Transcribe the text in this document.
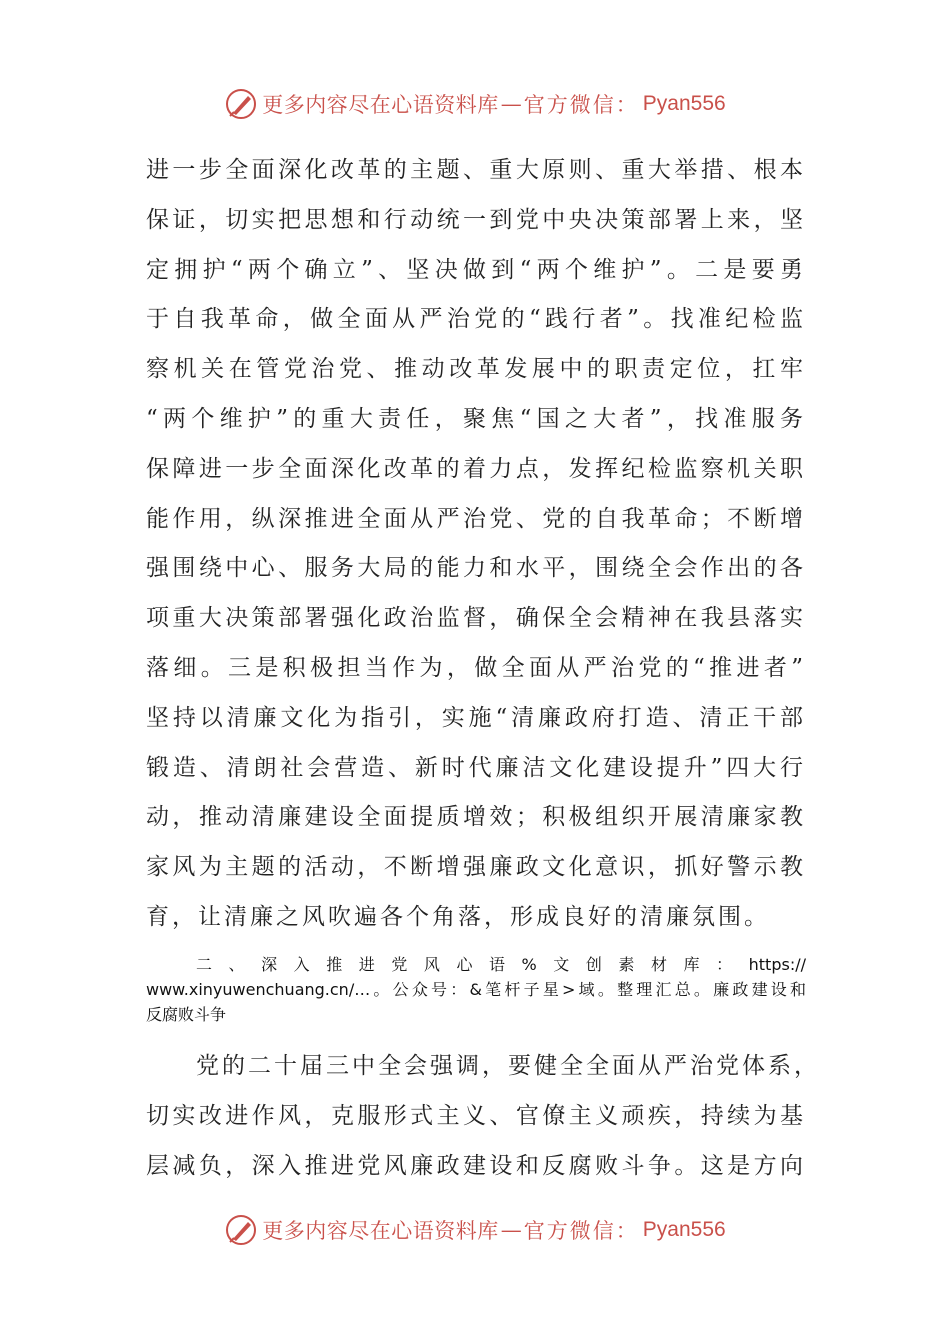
更多内容尽在心语资料库 — 官方微信： Pyan556
进一步全面深化改革的主题、重大原则、重大举措、根本
保证，切实把思想和行动统一到党中央决策部署上来，坚
定拥护“两个确立”、坚决做到“两个维护”。二是要勇
于自我革命，做全面从严治党的“践行者”。找准纪检监
察机关在管党治党、推动改革发展中的职责定位，扛牢
“两个维护”的重大责任，聚焦“国之大者”，找准服务
保障进一步全面深化改革的着力点，发挥纪检监察机关职
能作用，纵深推进全面从严治党、党的自我革命；不断增
强围绕中心、服务大局的能力和水平，围绕全会作出的各
项重大决策部署强化政治监督，确保全会精神在我县落实
落细。三是积极担当作为，做全面从严治党的“推进者”
坚持以清廉文化为指引，实施“清廉政府打造、清正干部
锻造、清朗社会营造、新时代廉洁文化建设提升”四大行
动，推动清廉建设全面提质增效；积极组织开展清廉家教
家风为主题的活动，不断增强廉政文化意识，抓好警示教
育，让清廉之风吹遍各个角落，形成良好的清廉氛围。
二、深入推进党风心语%文创素材库：https://
www.xinyuwenchuang.cn/…。公众号：&笔杆子星>域。整理汇总。廉政建设和
反腐败斗争
党的二十届三中全会强调，要健全全面从严治党体系，
切实改进作风，克服形式主义、官僚主义顽疾，持续为基
层减负，深入推进党风廉政建设和反腐败斗争。这是方向
更多内容尽在心语资料库 — 官方微信： Pyan556
